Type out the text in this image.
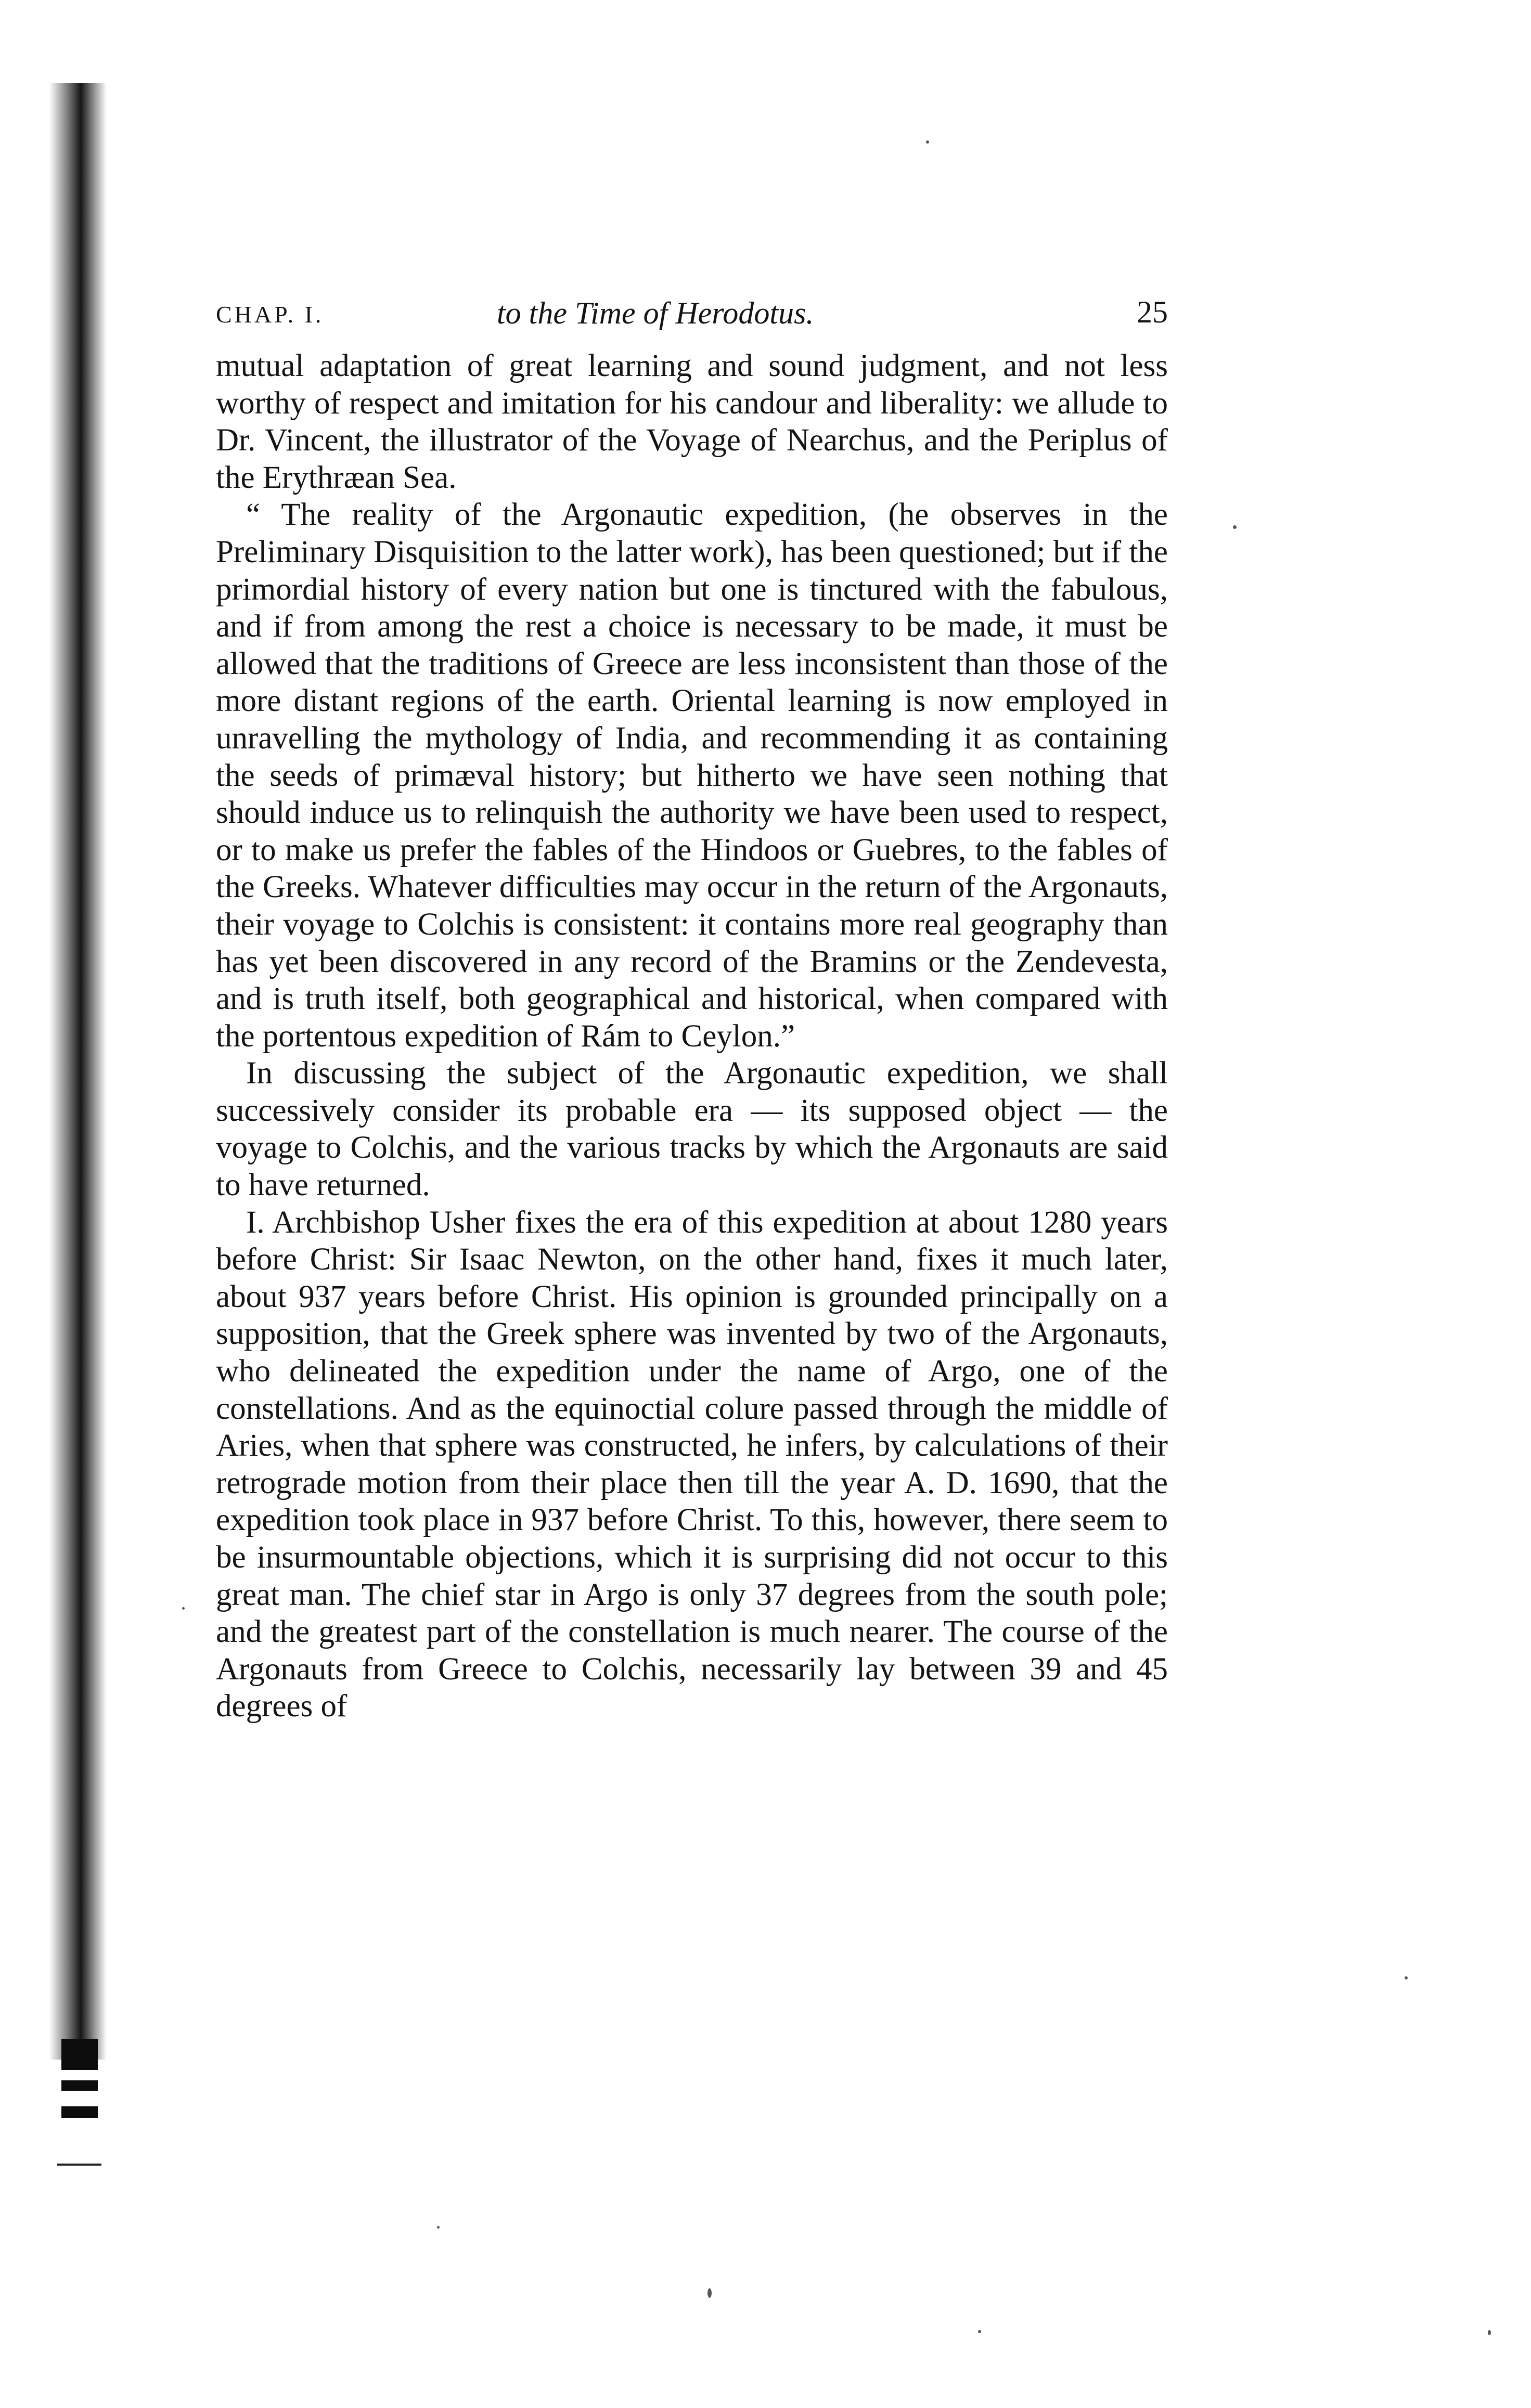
CHAP. I.	to the Time of Herodotus.	25

mutual adaptation of great learning and sound judgment, and not less worthy of respect and imitation for his candour and liberality: we allude to Dr. Vincent, the illustrator of the Voyage of Nearchus, and the Periplus of the Erythræan Sea.

“ The reality of the Argonautic expedition, (he observes in the Preliminary Disquisition to the latter work), has been questioned; but if the primordial history of every nation but one is tinctured with the fabulous, and if from among the rest a choice is necessary to be made, it must be allowed that the traditions of Greece are less inconsistent than those of the more distant regions of the earth. Oriental learning is now employed in unravelling the mythology of India, and recommending it as containing the seeds of primæval history; but hitherto we have seen nothing that should induce us to relinquish the authority we have been used to respect, or to make us prefer the fables of the Hindoos or Guebres, to the fables of the Greeks. Whatever difficulties may occur in the return of the Argonauts, their voyage to Colchis is consistent: it contains more real geography than has yet been discovered in any record of the Bramins or the Zendevesta, and is truth itself, both geographical and historical, when compared with the portentous expedition of Rám to Ceylon.”

In discussing the subject of the Argonautic expedition, we shall successively consider its probable era — its supposed object — the voyage to Colchis, and the various tracks by which the Argonauts are said to have returned.

I. Archbishop Usher fixes the era of this expedition at about 1280 years before Christ: Sir Isaac Newton, on the other hand, fixes it much later, about 937 years before Christ. His opinion is grounded principally on a supposition, that the Greek sphere was invented by two of the Argonauts, who delineated the expedition under the name of Argo, one of the constellations. And as the equinoctial colure passed through the middle of Aries, when that sphere was constructed, he infers, by calculations of their retrograde motion from their place then till the year A. D. 1690, that the expedition took place in 937 before Christ. To this, however, there seem to be insurmountable objections, which it is surprising did not occur to this great man. The chief star in Argo is only 37 degrees from the south pole; and the greatest part of the constellation is much nearer. The course of the Argonauts from Greece to Colchis, necessarily lay between 39 and 45 degrees of
